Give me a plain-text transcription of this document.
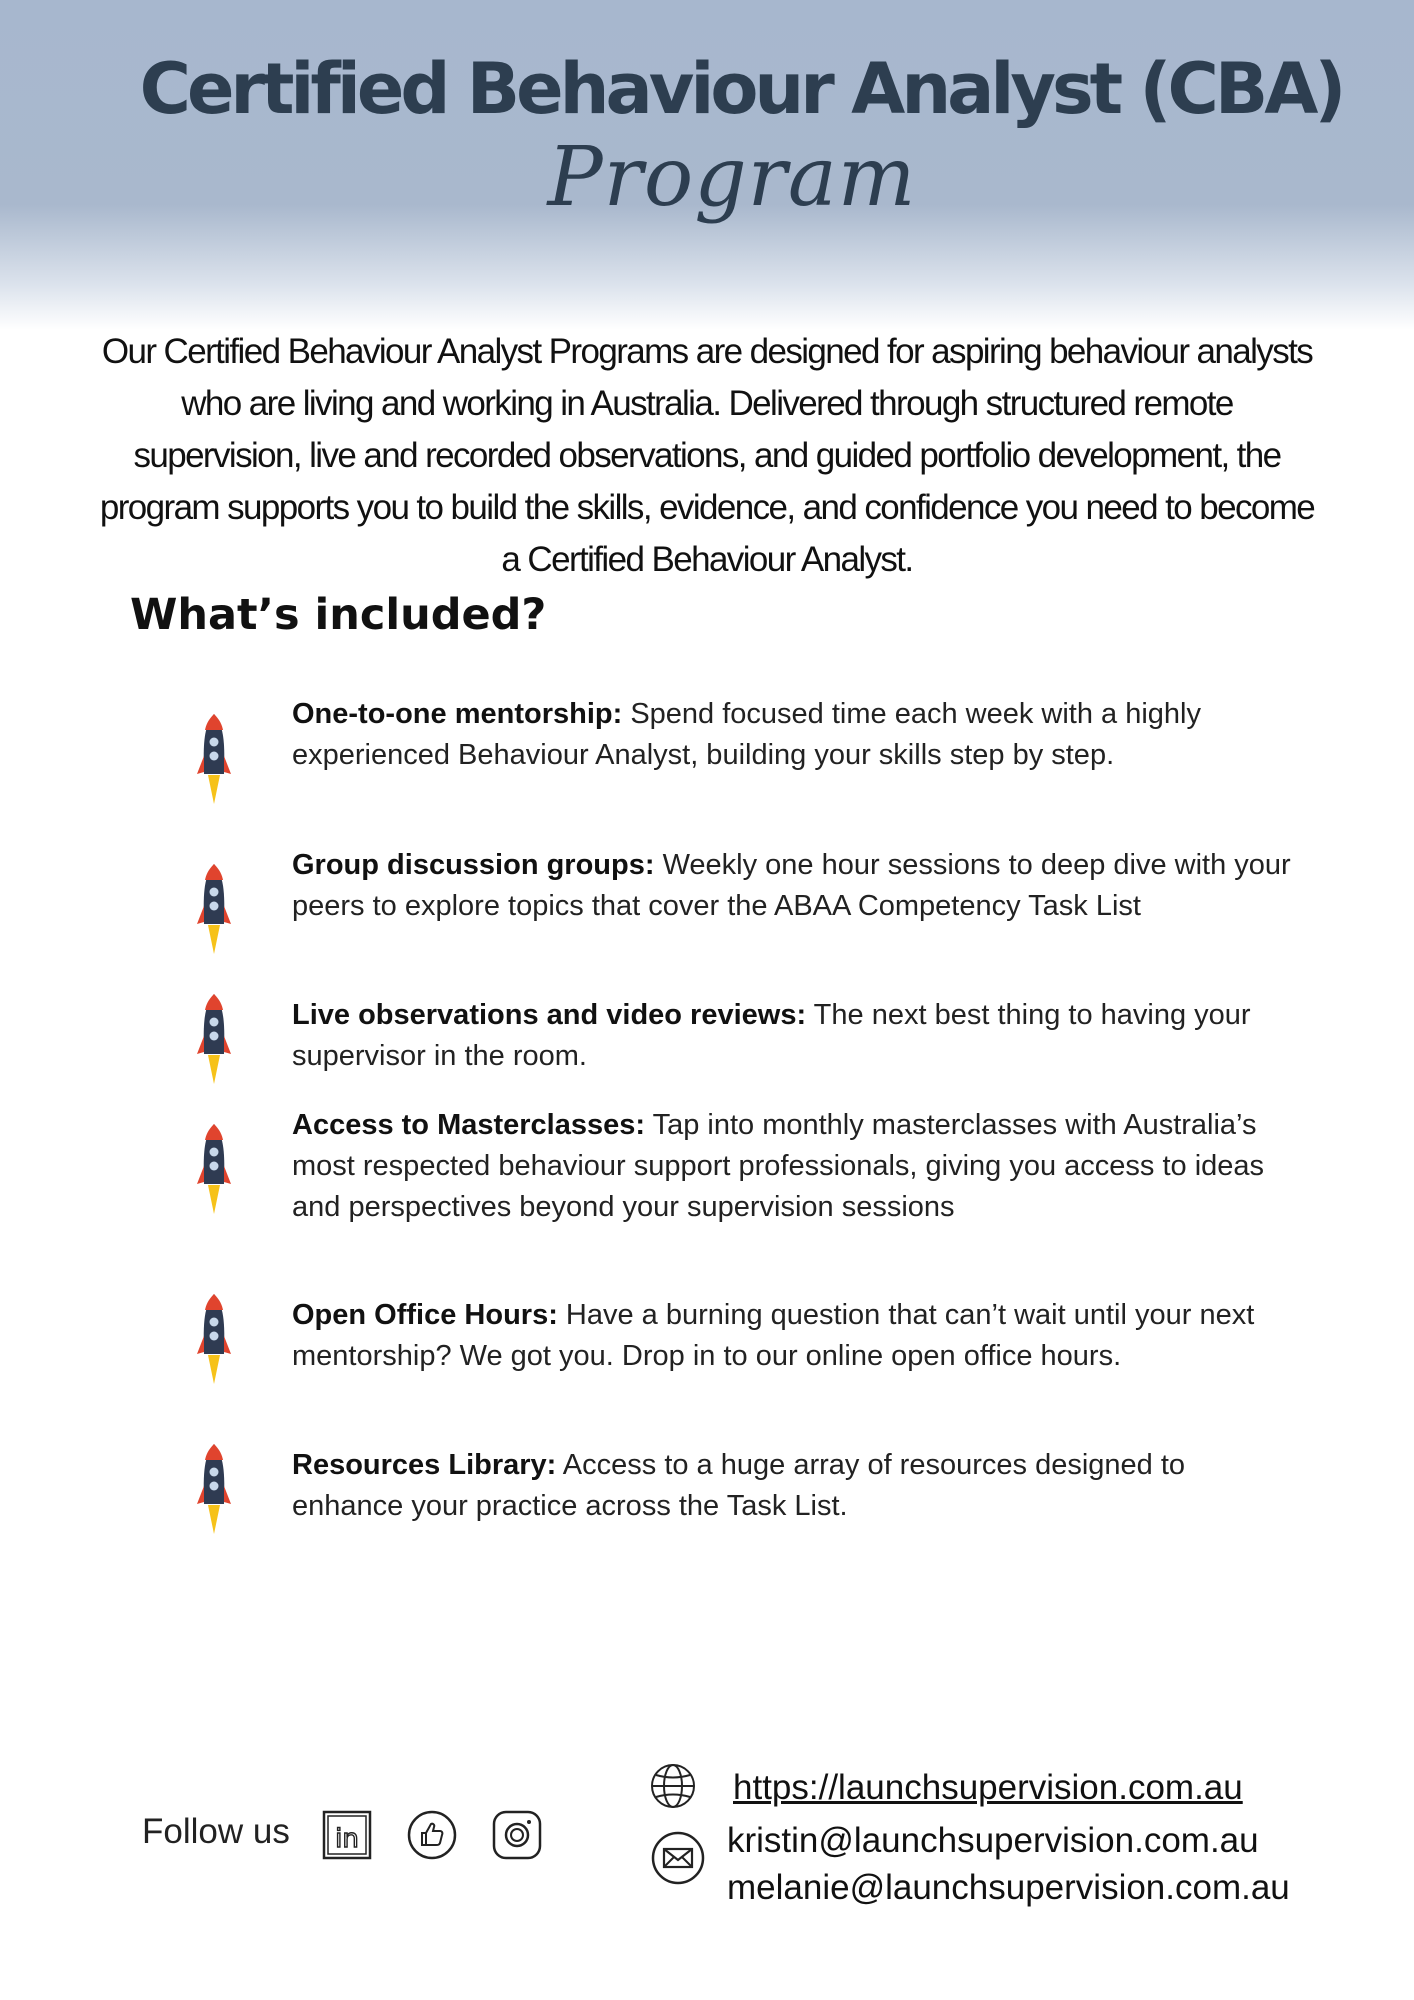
Certified Behaviour Analyst (CBA)
Program
Our Certified Behaviour Analyst Programs are designed for aspiring behaviour analysts who are living and working in Australia. Delivered through structured remote supervision, live and recorded observations, and guided portfolio development, the program supports you to build the skills, evidence, and confidence you need to become a Certified Behaviour Analyst.
What’s included?
One-to-one mentorship: Spend focused time each week with a highly experienced Behaviour Analyst, building your skills step by step.
Group discussion groups: Weekly one hour sessions to deep dive with your peers to explore topics that cover the ABAA Competency Task List
Live observations and video reviews: The next best thing to having your supervisor in the room.
Access to Masterclasses: Tap into monthly masterclasses with Australia’s most respected behaviour support professionals, giving you access to ideas and perspectives beyond your supervision sessions
Open Office Hours: Have a burning question that can’t wait until your next mentorship? We got you. Drop in to our online open office hours.
Resources Library: Access to a huge array of resources designed to enhance your practice across the Task List.
Follow us in
https://launchsupervision.com.au
kristin@launchsupervision.com.au
melanie@launchsupervision.com.au
